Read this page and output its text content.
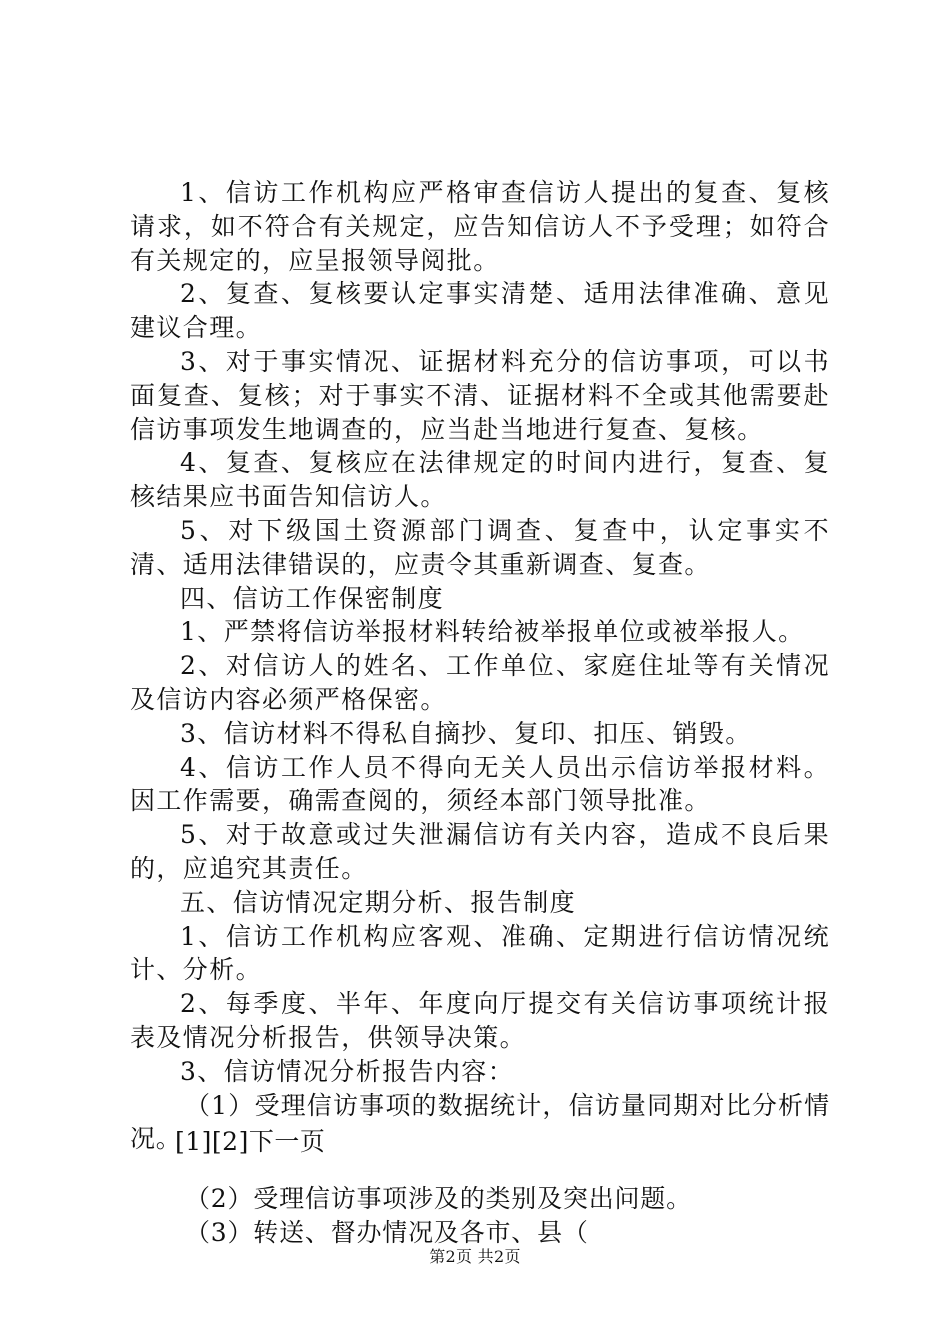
1、信访工作机构应严格审查信访人提出的复查、复核请求，如不符合有关规定，应告知信访人不予受理；如符合有关规定的，应呈报领导阅批。

2、复查、复核要认定事实清楚、适用法律准确、意见建议合理。

3、对于事实情况、证据材料充分的信访事项，可以书面复查、复核；对于事实不清、证据材料不全或其他需要赴信访事项发生地调查的，应当赴当地进行复查、复核。

4、复查、复核应在法律规定的时间内进行，复查、复核结果应书面告知信访人。

5、对下级国土资源部门调查、复查中，认定事实不清、适用法律错误的，应责令其重新调查、复查。

四、信访工作保密制度

1、严禁将信访举报材料转给被举报单位或被举报人。

2、对信访人的姓名、工作单位、家庭住址等有关情况及信访内容必须严格保密。

3、信访材料不得私自摘抄、复印、扣压、销毁。

4、信访工作人员不得向无关人员出示信访举报材料。因工作需要，确需查阅的，须经本部门领导批准。

5、对于故意或过失泄漏信访有关内容，造成不良后果的，应追究其责任。

五、信访情况定期分析、报告制度

1、信访工作机构应客观、准确、定期进行信访情况统计、分析。

2、每季度、半年、年度向厅提交有关信访事项统计报表及情况分析报告，供领导决策。

3、信访情况分析报告内容：

（1）受理信访事项的数据统计，信访量同期对比分析情况。

（2）受理信访事项涉及的类别及突出问题。

（3）转送、督办情况及各市、县（

[1][2]下一页
第2页 共2页
